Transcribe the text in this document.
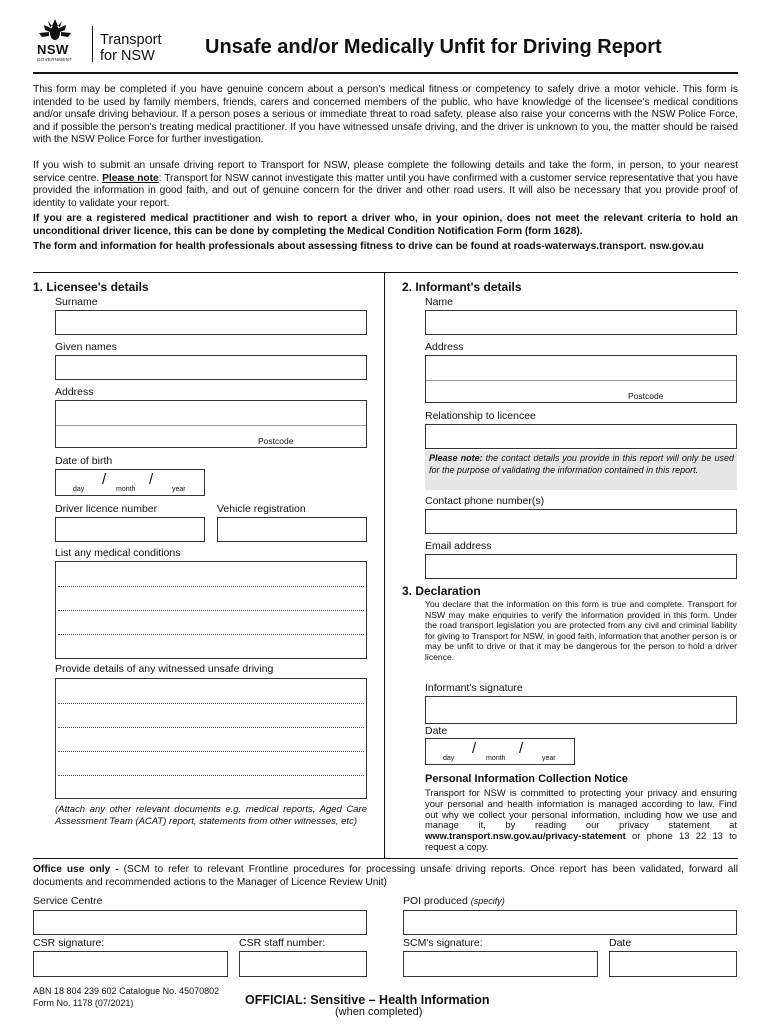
NSW
GOVERNMENT
Transport
for NSW	Unsafe and/or Medically Unfit for Driving Report
This form may be completed if you have genuine concern about a person's medical fitness or competency to safely drive a motor vehicle. This form is intended to be used by family members, friends, carers and concerned members of the public, who have knowledge of the licensee's medical conditions and/or unsafe driving behaviour. If a person poses a serious or immediate threat to road safety, please also raise your concerns with the NSW Police Force, and if possible the person's treating medical practitioner. If you have witnessed unsafe driving, and the driver is unknown to you, the matter should be raised with the NSW Police Force for further investigation.
If you wish to submit an unsafe driving report to Transport for NSW, please complete the following details and take the form, in person, to your nearest service centre. Please note: Transport for NSW cannot investigate this matter until you have confirmed with a customer service representative that you have provided the information in good faith, and out of genuine concern for the driver and other road users. It will also be necessary that you provide proof of identity to validate your report.
If you are a registered medical practitioner and wish to report a driver who, in your opinion, does not meet the relevant criteria to hold an unconditional driver licence, this can be done by completing the Medical Condition Notification Form (form 1628).
The form and information for health professionals about assessing fitness to drive can be found at roads-waterways.transport. nsw.gov.au
1. Licensee's details
Surname
Given names
Address
Postcode
Date of birth
/	/
day	month	year
Driver licence number	Vehicle registration
List any medical conditions
Provide details of any witnessed unsafe driving
(Attach any other relevant documents e.g. medical reports, Aged Care Assessment Team (ACAT) report, statements from other witnesses, etc)
2. Informant's details
Name
Address
Postcode
Relationship to licencee
Please note: the contact details you provide in this report will only be used for the purpose of validating the information contained in this report.
Contact phone number(s)
Email address
3. Declaration
You declare that the information on this form is true and complete. Transport for NSW may make enquiries to verify the information provided in this form. Under the road transport legislation you are protected from any civil and criminal liability for giving to Transport for NSW, in good faith, information that another person is or may be unfit to drive or that it may be dangerous for the person to hold a driver licence.
Informant's signature
Date
/	/
day	month	year
Personal Information Collection Notice
Transport for NSW is committed to protecting your privacy and ensuring your personal and health information is managed according to law. Find out why we collect your personal information, including how we use and manage it, by reading our privacy statement at www.transport.nsw.gov.au/privacy-statement or phone 13 22 13 to request a copy.
Office use only - (SCM to refer to relevant Frontline procedures for processing unsafe driving reports. Once report has been validated, forward all documents and recommended actions to the Manager of Licence Review Unit)
Service Centre	POI produced (specify)
CSR signature:	CSR staff number:	SCM's signature:	Date
ABN 18 804 239 602 Catalogue No. 45070802
Form No. 1178 (07/2021)	OFFICIAL: Sensitive – Health Information
(when completed)
